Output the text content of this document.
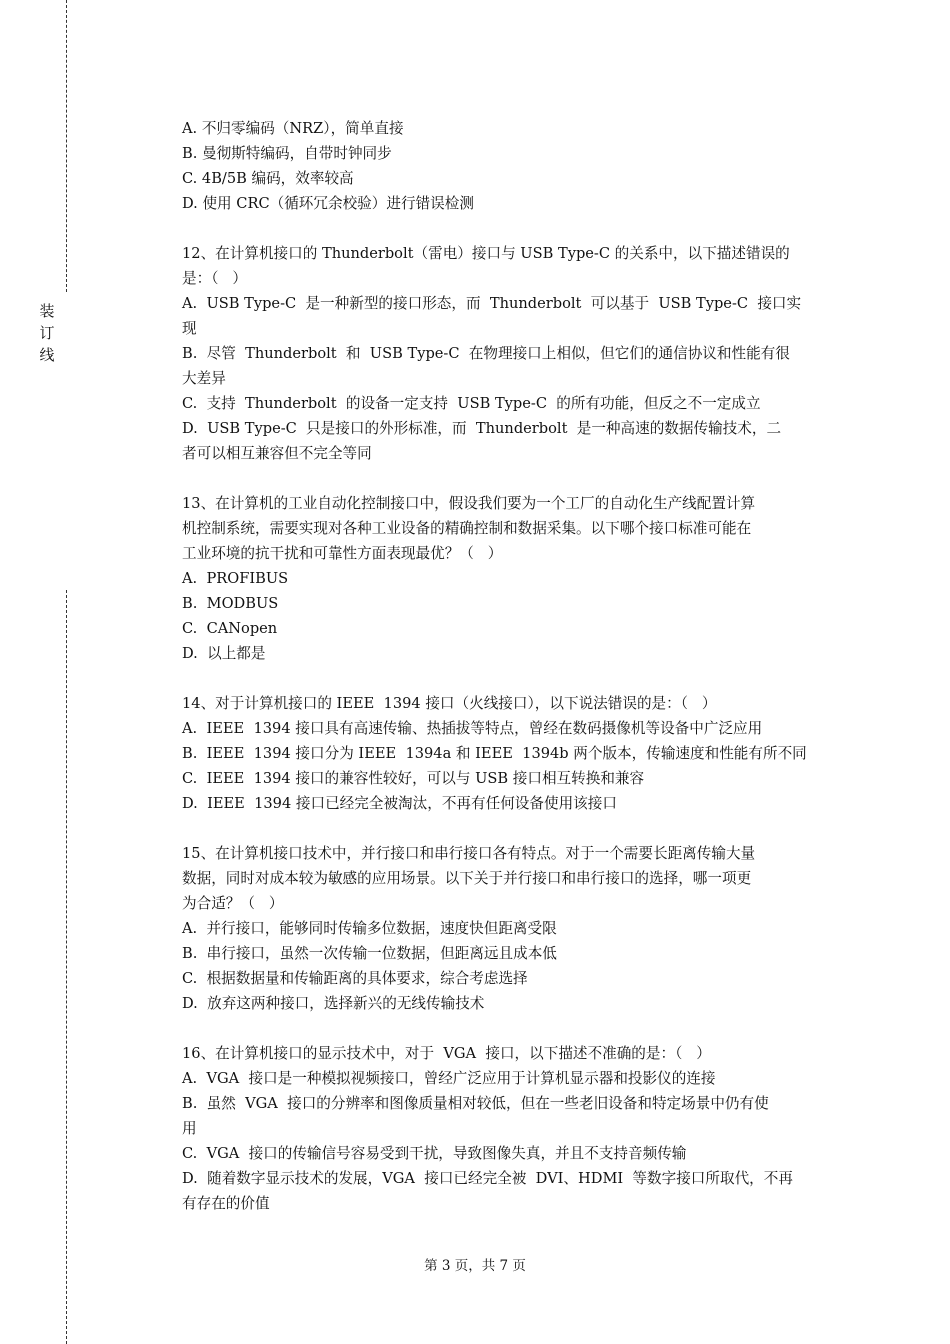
装
订
线
A. 不归零编码（NRZ），简单直接
B. 曼彻斯特编码，自带时钟同步
C. 4B/5B 编码，效率较高
D. 使用 CRC（循环冗余校验）进行错误检测
12、在计算机接口的 Thunderbolt（雷电）接口与 USB Type-C 的关系中，以下描述错误的
是：（   ）
A.  USB Type-C  是一种新型的接口形态，而  Thunderbolt  可以基于  USB Type-C  接口实
现
B.  尽管  Thunderbolt  和  USB Type-C  在物理接口上相似，但它们的通信协议和性能有很
大差异
C.  支持  Thunderbolt  的设备一定支持  USB Type-C  的所有功能，但反之不一定成立
D.  USB Type-C  只是接口的外形标准，而  Thunderbolt  是一种高速的数据传输技术，二
者可以相互兼容但不完全等同
13、在计算机的工业自动化控制接口中，假设我们要为一个工厂的自动化生产线配置计算
机控制系统，需要实现对各种工业设备的精确控制和数据采集。以下哪个接口标准可能在
工业环境的抗干扰和可靠性方面表现最优？（   ）
A.  PROFIBUS
B.  MODBUS
C.  CANopen
D.  以上都是
14、对于计算机接口的 IEEE  1394 接口（火线接口），以下说法错误的是：（   ）
A.  IEEE  1394 接口具有高速传输、热插拔等特点，曾经在数码摄像机等设备中广泛应用
B.  IEEE  1394 接口分为 IEEE  1394a 和 IEEE  1394b 两个版本，传输速度和性能有所不同
C.  IEEE  1394 接口的兼容性较好，可以与 USB 接口相互转换和兼容
D.  IEEE  1394 接口已经完全被淘汰，不再有任何设备使用该接口
15、在计算机接口技术中，并行接口和串行接口各有特点。对于一个需要长距离传输大量
数据，同时对成本较为敏感的应用场景。以下关于并行接口和串行接口的选择，哪一项更
为合适？（   ）
A.  并行接口，能够同时传输多位数据，速度快但距离受限
B.  串行接口，虽然一次传输一位数据，但距离远且成本低
C.  根据数据量和传输距离的具体要求，综合考虑选择
D.  放弃这两种接口，选择新兴的无线传输技术
16、在计算机接口的显示技术中，对于  VGA  接口，以下描述不准确的是：（   ）
A.  VGA  接口是一种模拟视频接口，曾经广泛应用于计算机显示器和投影仪的连接
B.  虽然  VGA  接口的分辨率和图像质量相对较低，但在一些老旧设备和特定场景中仍有使
用
C.  VGA  接口的传输信号容易受到干扰，导致图像失真，并且不支持音频传输
D.  随着数字显示技术的发展，VGA  接口已经完全被  DVI、HDMI  等数字接口所取代，不再
有存在的价值
第 3 页，共 7 页
